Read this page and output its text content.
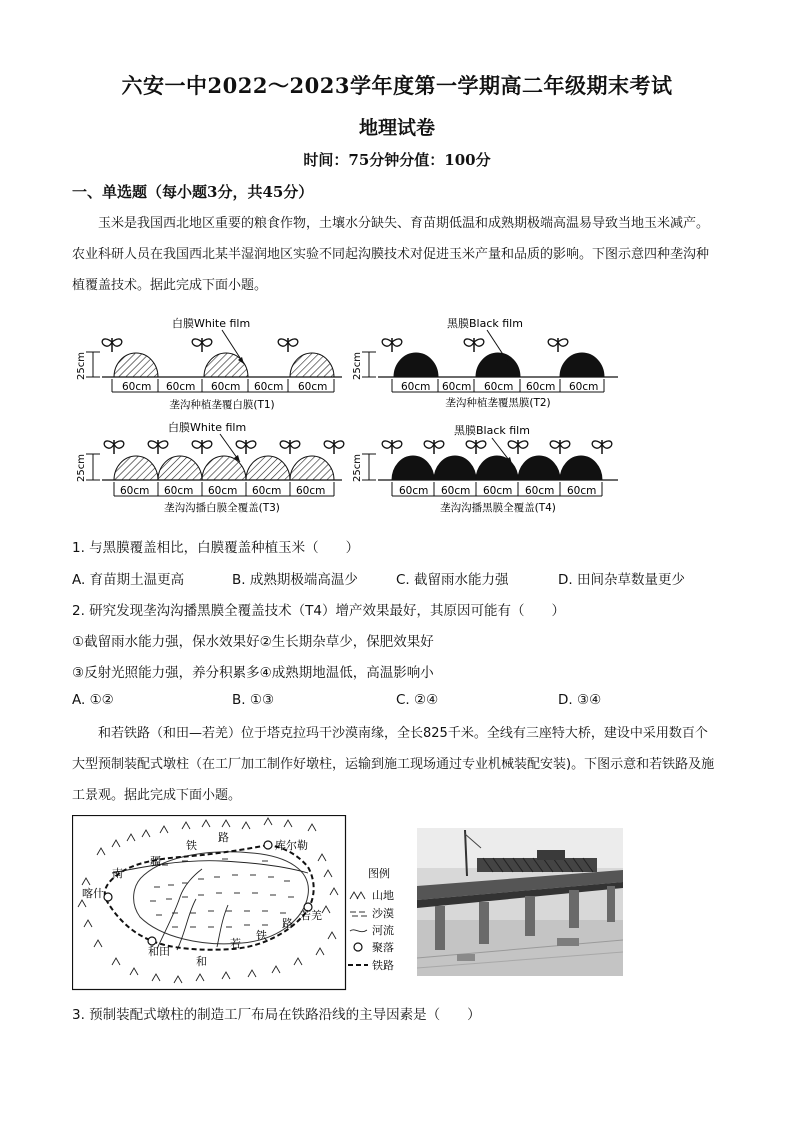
六安一中2022～2023学年度第一学期高二年级期末考试
地理试卷
时间：75分钟分值：100分
一、单选题（每小题3分，共45分）

玉米是我国西北地区重要的粮食作物，土壤水分缺失、育苗期低温和成熟期极端高温易导致当地玉米减产。农业科研人员在我国西北某半湿润地区实验不同起沟膜技术对促进玉米产量和品质的影响。下图示意四种垄沟种植覆盖技术。据此完成下面小题。

25cm
白膜White film
60cm 60cm 60cm 60cm 60cm
垄沟种植垄覆白膜(T1)
25cm
黑膜Black film
60cm 60cm 60cm 60cm 60cm
垄沟种植垄覆黑膜(T2)
25cm
白膜White film
60cm 60cm 60cm 60cm 60cm
垄沟沟播白膜全覆盖(T3)
25cm
黑膜Black film
60cm 60cm 60cm 60cm 60cm
垄沟沟播黑膜全覆盖(T4)
1. 与黑膜覆盖相比，白膜覆盖种植玉米（　　）
A. 育苗期土温更高	B. 成熟期极端高温少	C. 截留雨水能力强	D. 田间杂草数量更少
2. 研究发现垄沟沟播黑膜全覆盖技术（T4）增产效果最好，其原因可能有（　　）
①截留雨水能力强，保水效果好②生长期杂草少，保肥效果好
③反射光照能力强，养分积累多④成熟期地温低，高温影响小
A. ①②	B. ①③	C. ②④	D. ③④

和若铁路（和田—若羌）位于塔克拉玛干沙漠南缘，全长825千米。全线有三座特大桥，建设中采用数百个大型预制装配式墩柱（在工厂加工制作好墩柱，运输到施工现场通过专业机械装配安装)。下图示意和若铁路及施工景观。据此完成下面小题。

南
疆
铁
路
库尔勒
喀什
和田
和
若
铁
路
若羌
图例
山地
沙漠
河流
聚落
铁路
3. 预制装配式墩柱的制造工厂布局在铁路沿线的主导因素是（　　）
